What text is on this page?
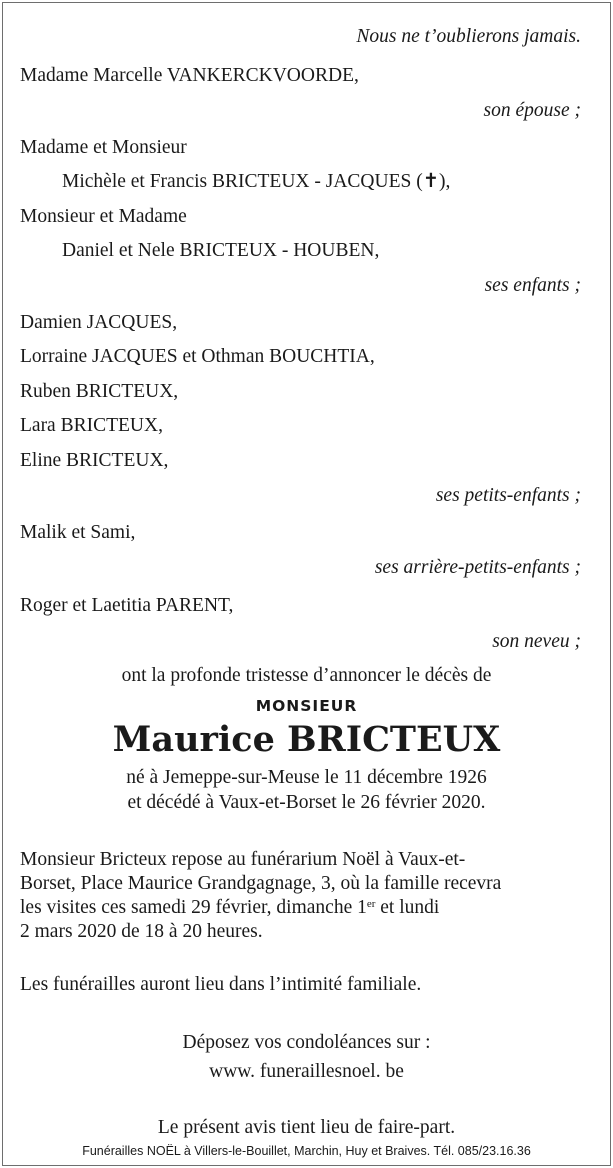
Nous ne t’oublierons jamais.
Madame Marcelle VANKERCKVOORDE,
son épouse ;
Madame et Monsieur
Michèle et Francis BRICTEUX - JACQUES (✝),
Monsieur et Madame
Daniel et Nele BRICTEUX - HOUBEN,
ses enfants ;
Damien JACQUES,
Lorraine JACQUES et Othman BOUCHTIA,
Ruben BRICTEUX,
Lara BRICTEUX,
Eline BRICTEUX,
ses petits-enfants ;
Malik et Sami,
ses arrière-petits-enfants ;
Roger et Laetitia PARENT,
son neveu ;
ont la profonde tristesse d’annoncer le décès de
MONSIEUR
Maurice BRICTEUX
né à Jemeppe-sur-Meuse le 11 décembre 1926
et décédé à Vaux-et-Borset le 26 février 2020.
Monsieur Bricteux repose au funérarium Noël à Vaux-et-
Borset, Place Maurice Grandgagnage, 3, où la famille recevra
les visites ces samedi 29 février, dimanche 1er et lundi
2 mars 2020 de 18 à 20 heures.
Les funérailles auront lieu dans l’intimité familiale.
Déposez vos condoléances sur :
www. funeraillesnoel. be
Le présent avis tient lieu de faire-part.
Funérailles NOËL à Villers-le-Bouillet, Marchin, Huy et Braives. Tél. 085/23.16.36
